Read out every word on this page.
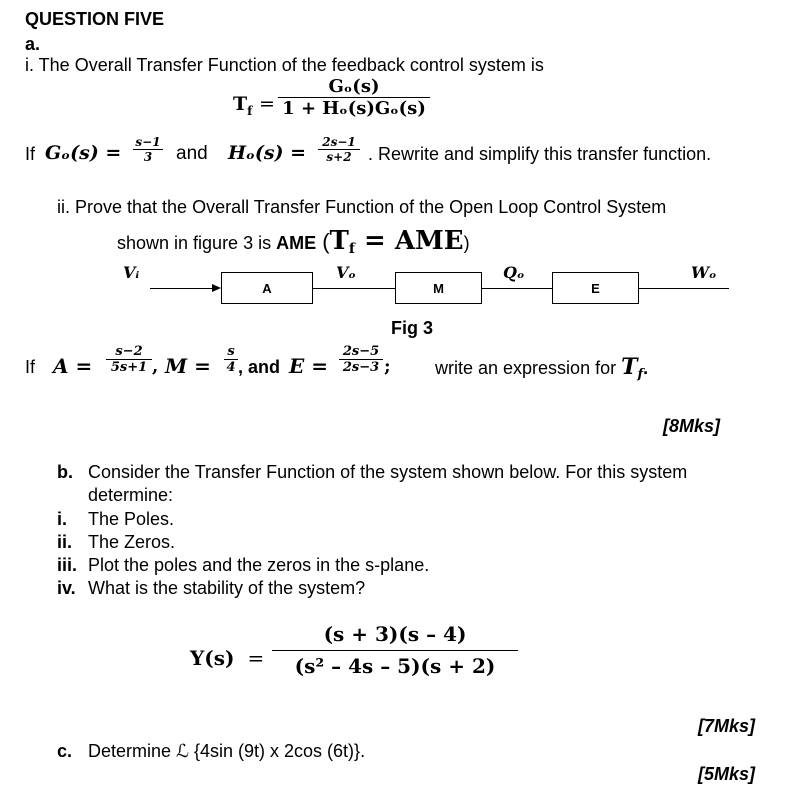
QUESTION FIVE
a.
i. The Overall Transfer Function of the feedback control system is
$T_f$ =
Gₒ(s)
1 + Hₒ(s)Gₒ(s)
If Gₒ(s) = s−1
3	and Hₒ(s) =	2s−1
s+2 . Rewrite and simplify this transfer function.
ii. Prove that the Overall Transfer Function of the Open Loop Control System
shown in figure 3 is AME $(T_f = AME)$
Vᵢ
A
Vₒ
M
Qₒ
E
Wₒ
Fig 3
If A =
s−2
5s+1 , M =
s
4 , and E =
2s−5
2s−3 ; write an expression for $T_f$.
[8Mks]
b. Consider the Transfer Function of the system shown below. For this system
determine:
i. The Poles.
ii. The Zeros.
iii. Plot the poles and the zeros in the s-plane.
iv. What is the stability of the system?
Y(s) =
(s + 3)(s – 4)
(s² – 4s – 5)(s + 2)
[7Mks]
c. Determine ℒ {4sin (9t) x 2cos (6t)}.
[5Mks]
